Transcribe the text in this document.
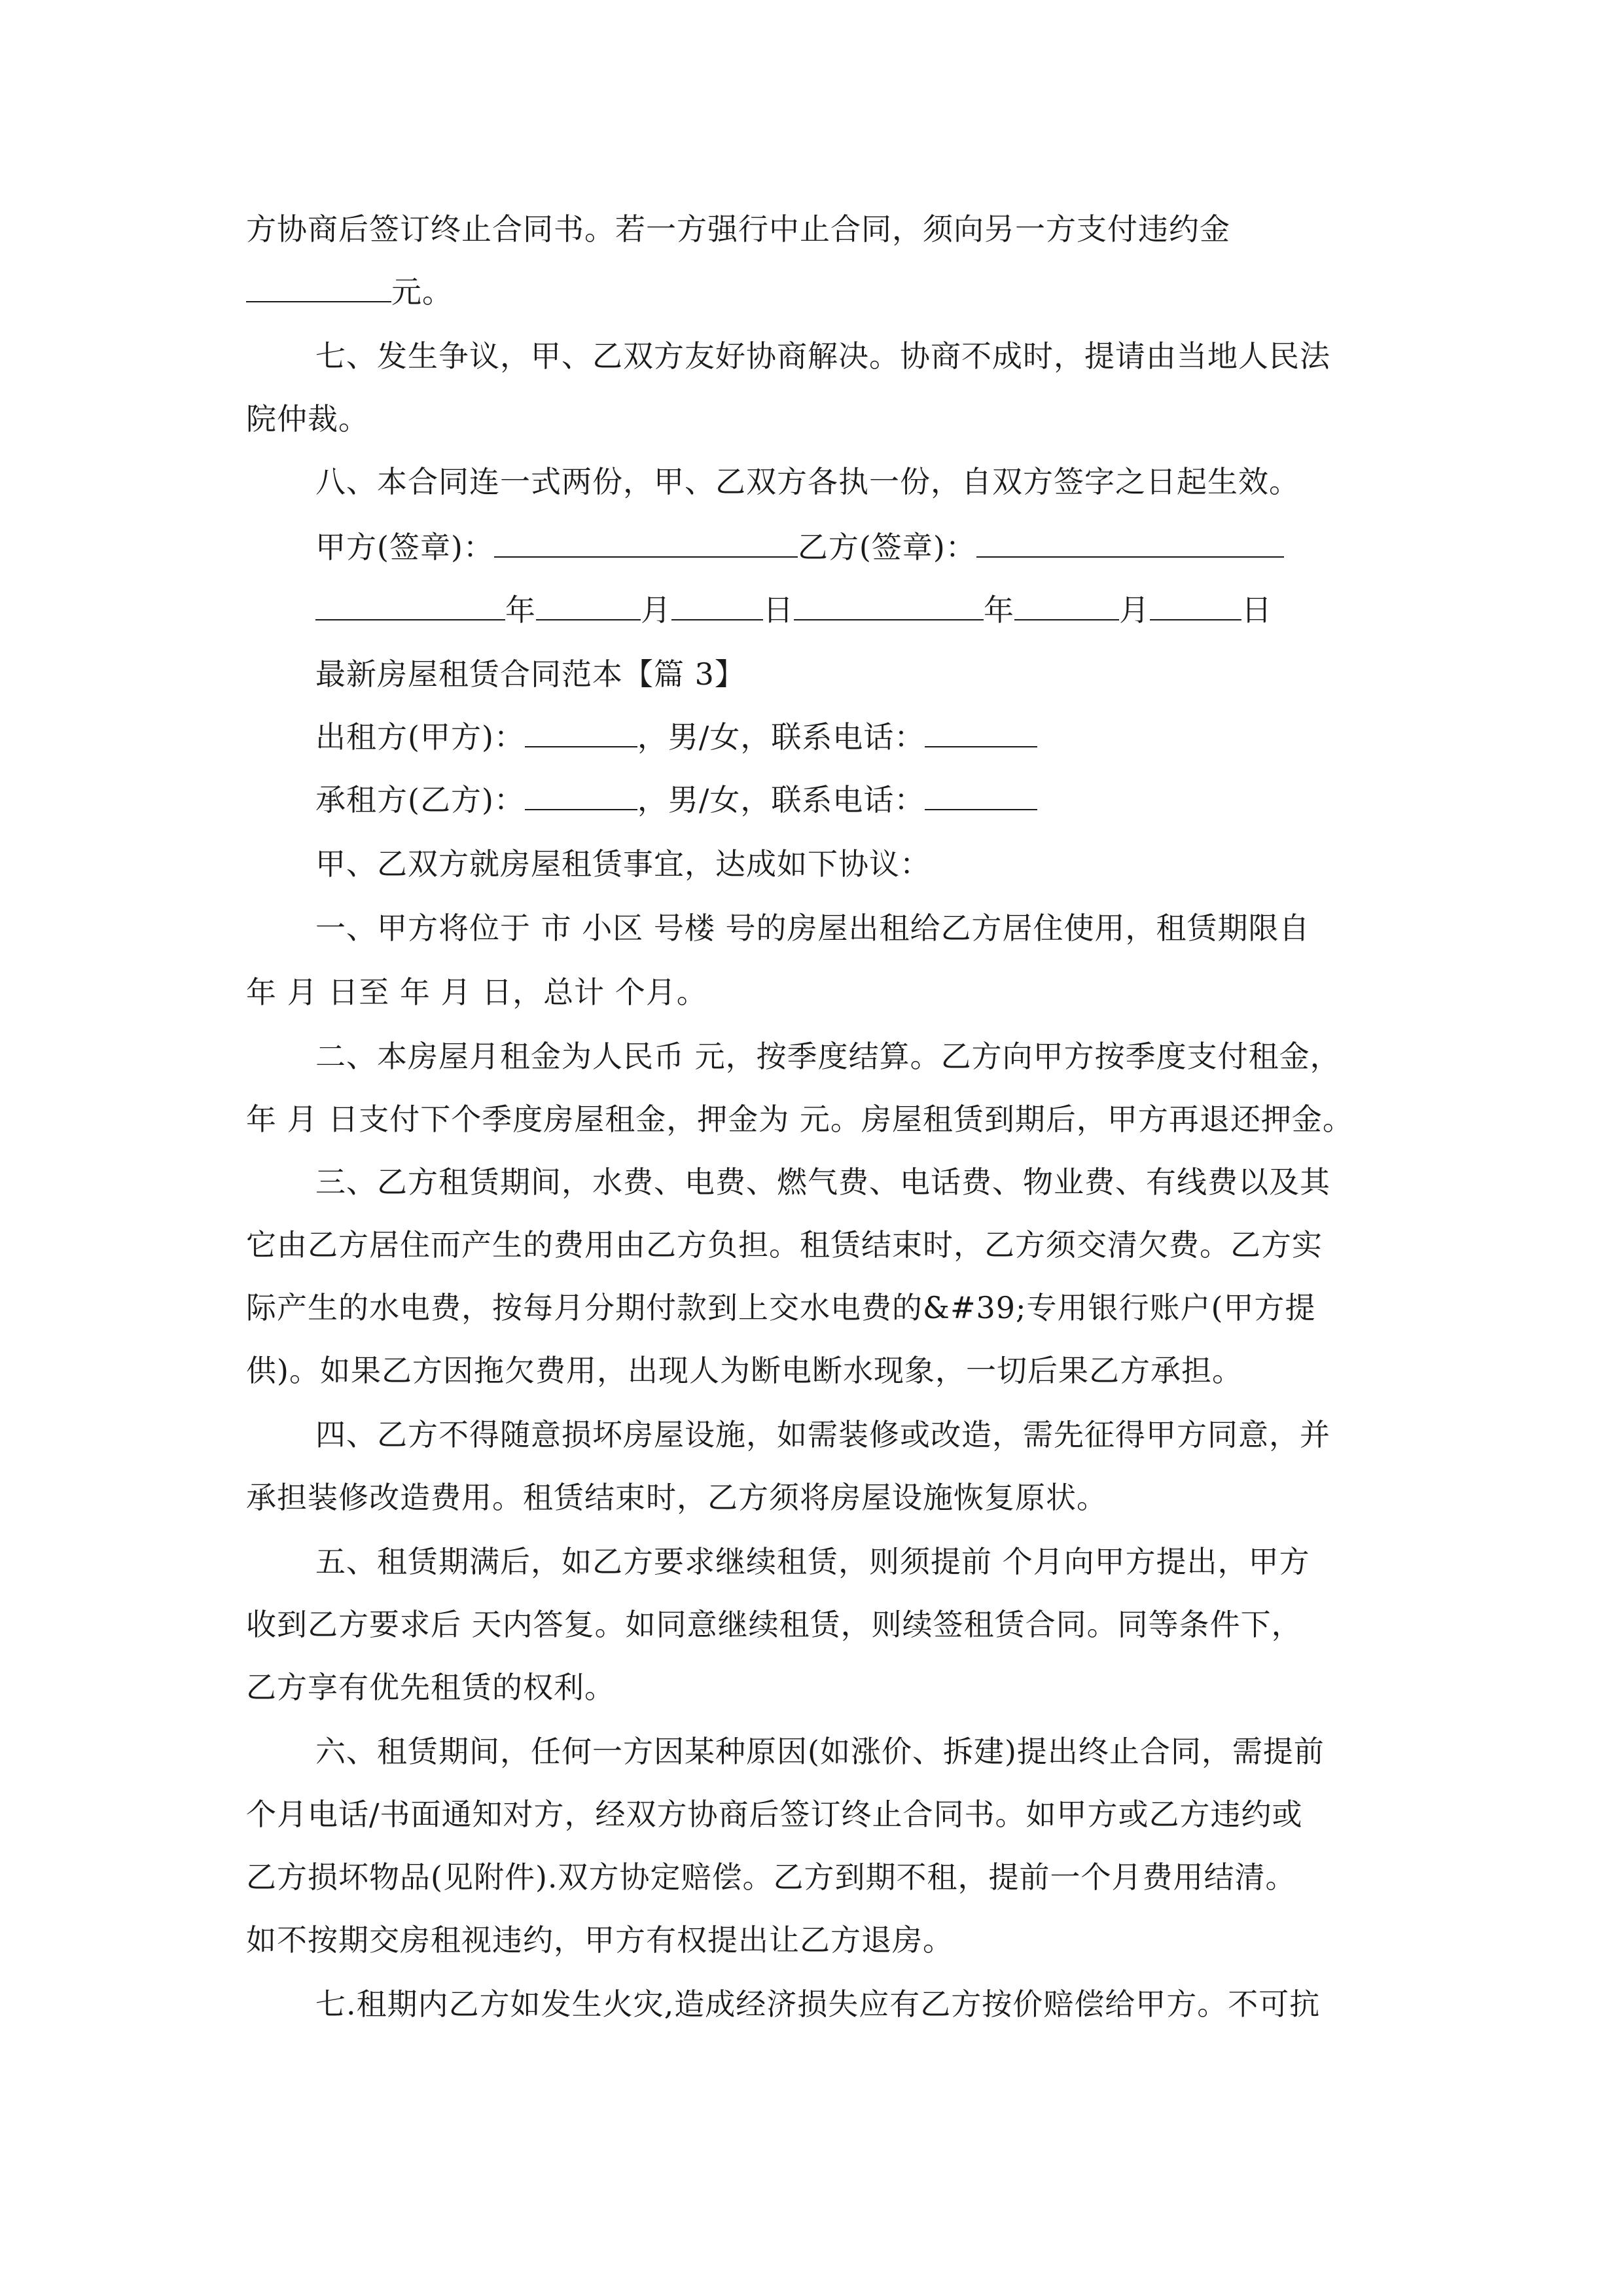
方协商后签订终止合同书。若一方强行中止合同，须向另一方支付违约金
元。
七、发生争议，甲、乙双方友好协商解决。协商不成时，提请由当地人民法
院仲裁。
八、本合同连一式两份，甲、乙双方各执一份，自双方签字之日起生效。
甲方(签章)：	乙方(签章)：
年	月	日	年	月	日
最新房屋租赁合同范本【篇 3】
出租方(甲方)：	，男/女，联系电话：
承租方(乙方)：	，男/女，联系电话：
甲、乙双方就房屋租赁事宜，达成如下协议：
一、甲方将位于 市 小区 号楼 号的房屋出租给乙方居住使用，租赁期限自
年 月 日至 年 月 日，总计 个月。
二、本房屋月租金为人民币 元，按季度结算。乙方向甲方按季度支付租金，
年 月 日支付下个季度房屋租金，押金为 元。房屋租赁到期后，甲方再退还押金。
三、乙方租赁期间，水费、电费、燃气费、电话费、物业费、有线费以及其
它由乙方居住而产生的费用由乙方负担。租赁结束时，乙方须交清欠费。乙方实
际产生的水电费，按每月分期付款到上交水电费的&#39;专用银行账户(甲方提
供)。如果乙方因拖欠费用，出现人为断电断水现象，一切后果乙方承担。
四、乙方不得随意损坏房屋设施，如需装修或改造，需先征得甲方同意，并
承担装修改造费用。租赁结束时，乙方须将房屋设施恢复原状。
五、租赁期满后，如乙方要求继续租赁，则须提前 个月向甲方提出，甲方
收到乙方要求后 天内答复。如同意继续租赁，则续签租赁合同。同等条件下，
乙方享有优先租赁的权利。
六、租赁期间，任何一方因某种原因(如涨价、拆建)提出终止合同，需提前
个月电话/书面通知对方，经双方协商后签订终止合同书。如甲方或乙方违约或
乙方损坏物品(见附件).双方协定赔偿。乙方到期不租，提前一个月费用结清。
如不按期交房租视违约，甲方有权提出让乙方退房。
七.租期内乙方如发生火灾,造成经济损失应有乙方按价赔偿给甲方。不可抗
